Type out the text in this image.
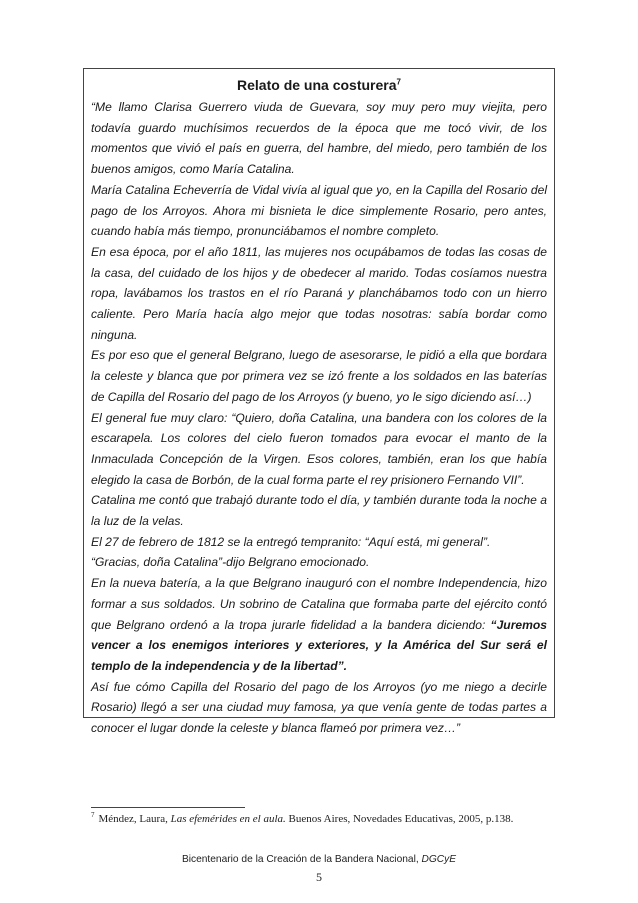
Relato de una costurera$^7$

“Me llamo Clarisa Guerrero viuda de Guevara, soy muy pero muy viejita, pero todavía guardo muchísimos recuerdos de la época que me tocó vivir, de los momentos que vivió el país en guerra, del hambre, del miedo, pero también de los buenos amigos, como María Catalina.

María Catalina Echeverría de Vidal vivía al igual que yo, en la Capilla del Rosario del pago de los Arroyos. Ahora mi bisnieta le dice simplemente Rosario, pero antes, cuando había más tiempo, pronunciábamos el nombre completo.

En esa época, por el año 1811, las mujeres nos ocupábamos de todas las cosas de la casa, del cuidado de los hijos y de obedecer al marido. Todas cosíamos nuestra ropa, lavábamos los trastos en el río Paraná y planchábamos todo con un hierro caliente. Pero María hacía algo mejor que todas nosotras: sabía bordar como ninguna.

Es por eso que el general Belgrano, luego de asesorarse, le pidió a ella que bordara la celeste y blanca que por primera vez se izó frente a los soldados en las baterías de Capilla del Rosario del pago de los Arroyos (y bueno, yo le sigo diciendo así…)

El general fue muy claro: “Quiero, doña Catalina, una bandera con los colores de la escarapela. Los colores del cielo fueron tomados para evocar el manto de la Inmaculada Concepción de la Virgen. Esos colores, también, eran los que había elegido la casa de Borbón, de la cual forma parte el rey prisionero Fernando VII”.

Catalina me contó que trabajó durante todo el día, y también durante toda la noche a la luz de la velas.

El 27 de febrero de 1812 se la entregó tempranito: “Aquí está, mi general”.

“Gracias, doña Catalina”-dijo Belgrano emocionado.

En la nueva batería, a la que Belgrano inauguró con el nombre Independencia, hizo formar a sus soldados. Un sobrino de Catalina que formaba parte del ejército contó que Belgrano ordenó a la tropa jurarle fidelidad a la bandera diciendo: “Juremos vencer a los enemigos interiores y exteriores, y la América del Sur será el templo de la independencia y de la libertad”.

Así fue cómo Capilla del Rosario del pago de los Arroyos (yo me niego a decirle Rosario) llegó a ser una ciudad muy famosa, ya que venía gente de todas partes a conocer el lugar donde la celeste y blanca flameó por primera vez…”

$^7$ Méndez, Laura, Las efemérides en el aula. Buenos Aires, Novedades Educativas, 2005, p.138.
Bicentenario de la Creación de la Bandera Nacional, DGCyE
5
